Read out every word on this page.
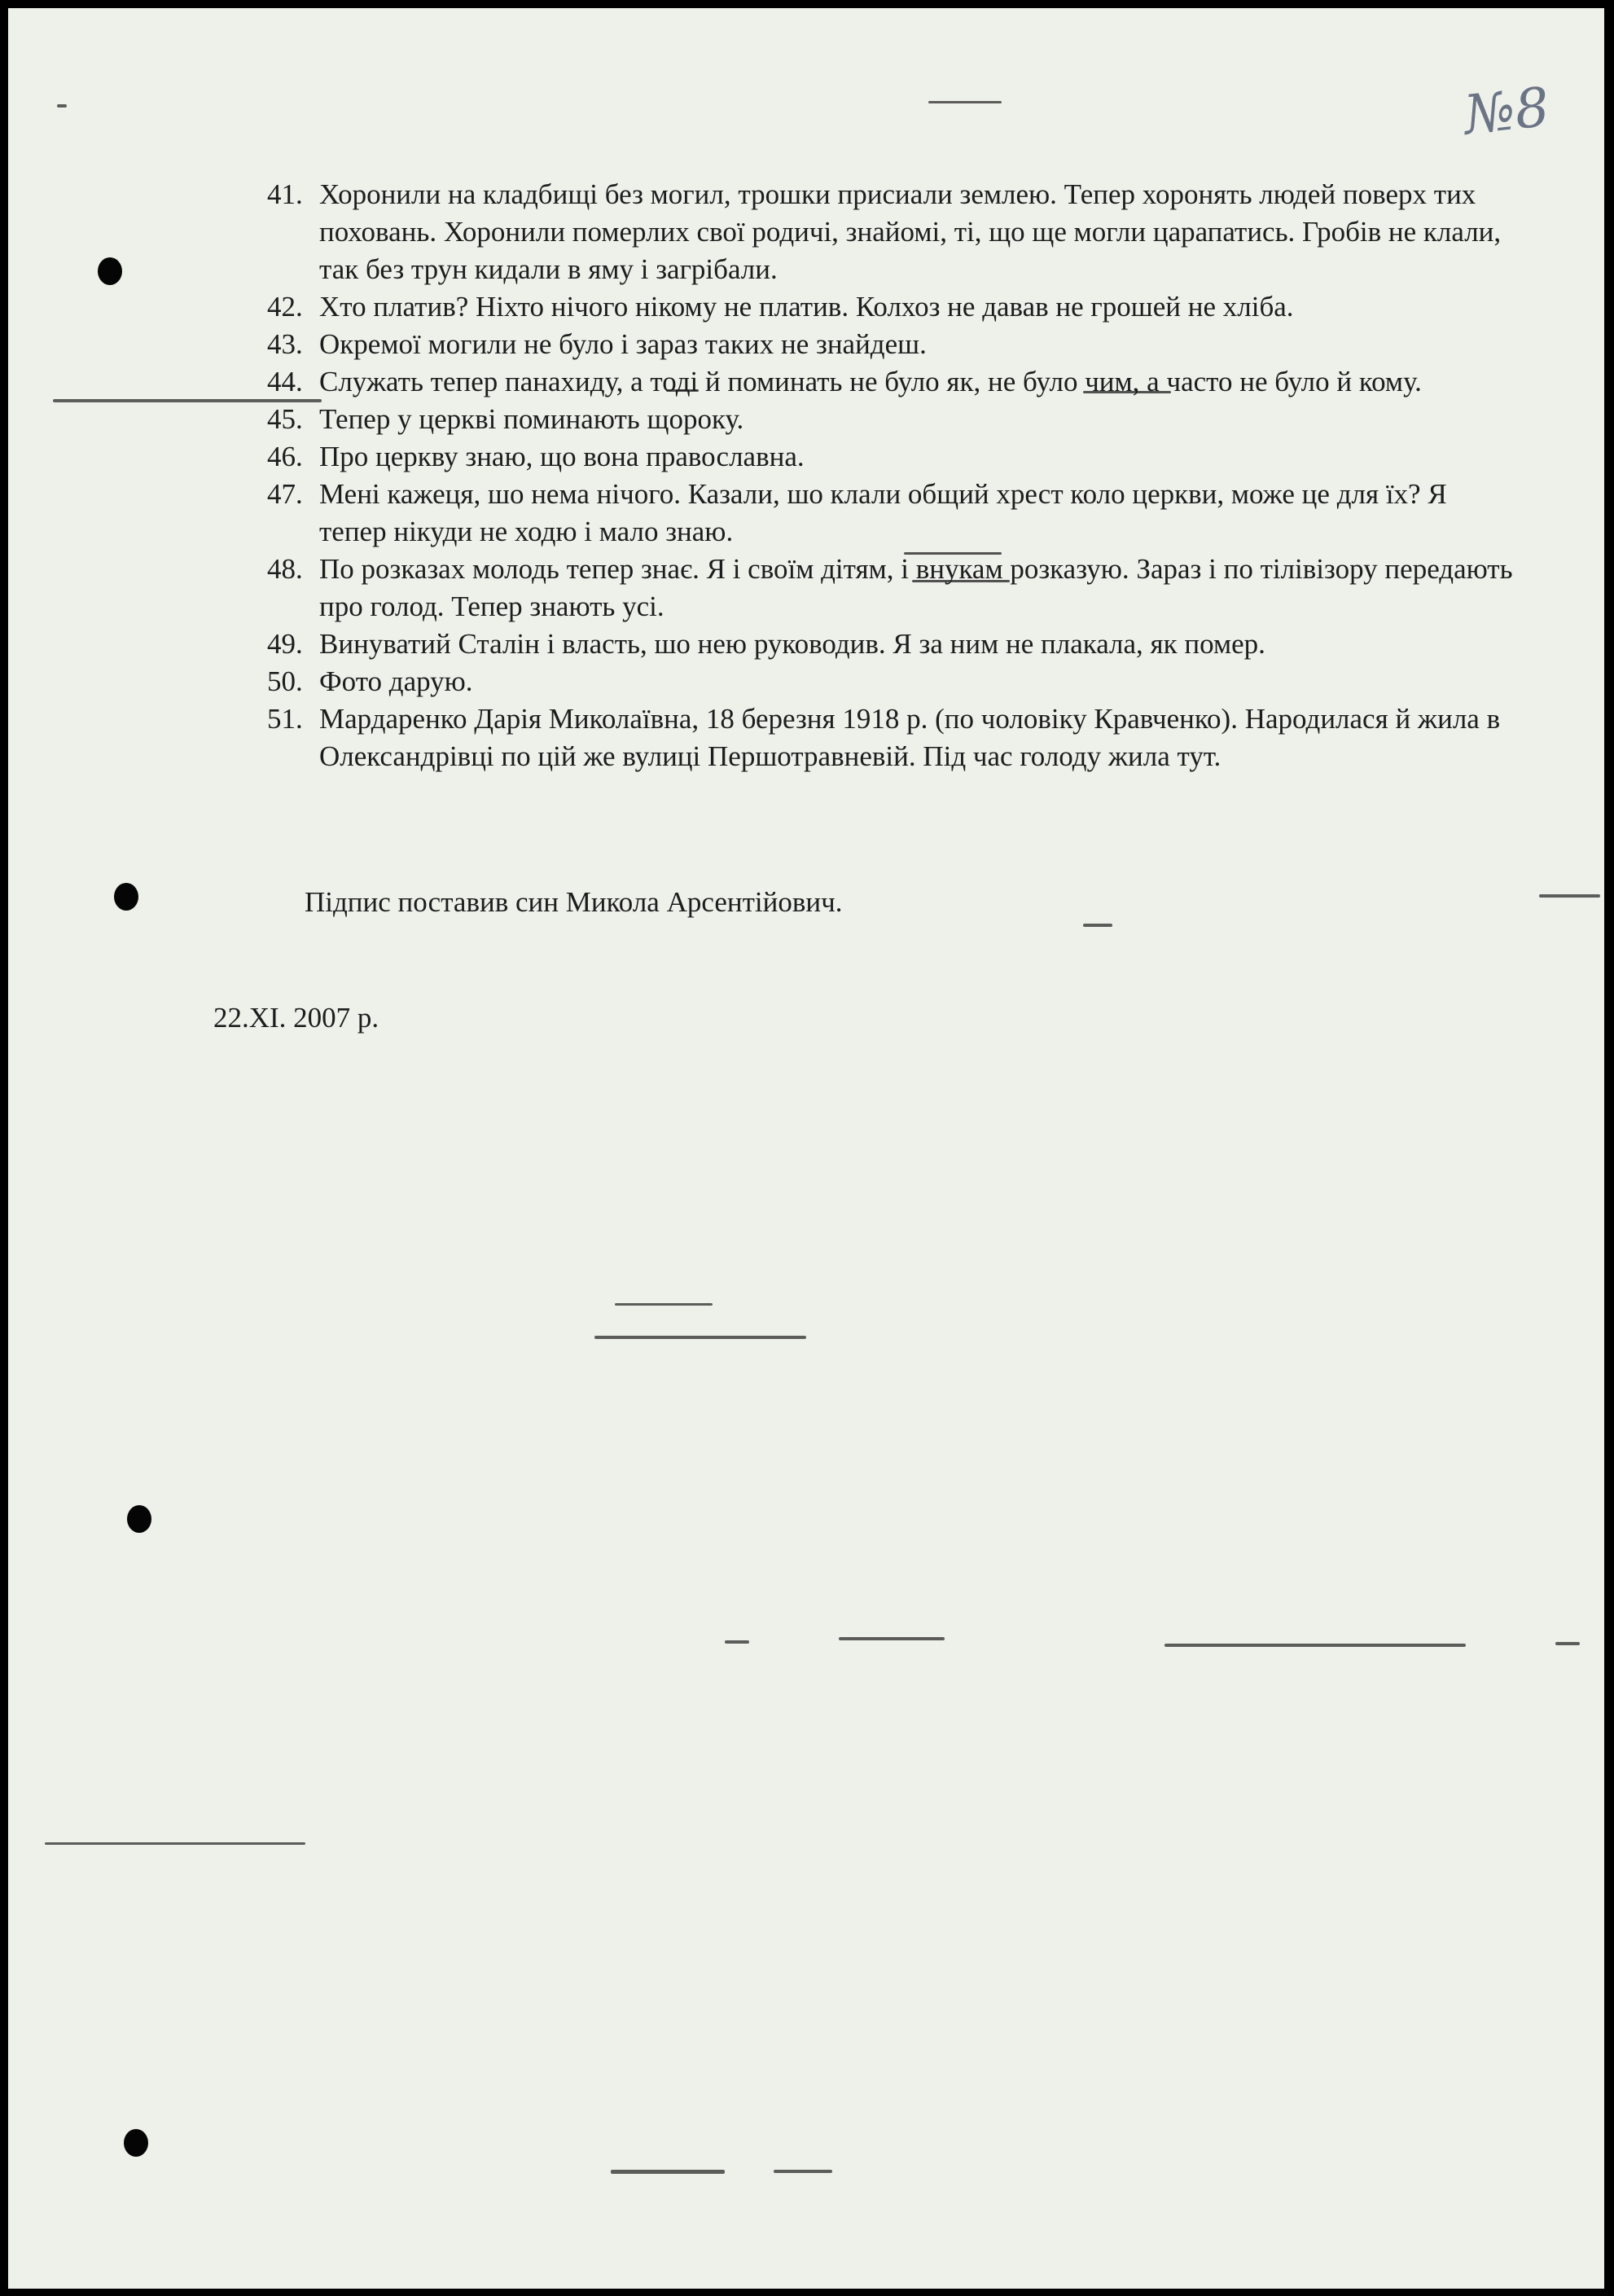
№8
41. Хоронили на кладбищі без могил, трошки присиали землею. Тепер хоронять людей поверх тих поховань. Хоронили померлих свої родичі, знайомі, ті, що ще могли царапатись. Гробів не клали, так без трун кидали в яму і загрібали.
42. Хто платив? Ніхто нічого нікому не платив. Колхоз не давав не грошей не хліба.
43. Окремої могили не було і зараз таких не знайдеш.
44. Служать тепер панахиду, а тоді й поминать не було як, не було чим, а часто не було й кому.
45. Тепер у церкві поминають щороку.
46. Про церкву знаю, що вона православна.
47. Мені кажеця, шо нема нічого. Казали, шо клали общий хрест коло церкви, може це для їх? Я тепер нікуди не ходю і мало знаю.
48. По розказах молодь тепер знає. Я і своїм дітям, і внукам розказую. Зараз і по тілівізору передають про голод. Тепер знають усі.
49. Винуватий Сталін і власть, шо нею руководив. Я за ним не плакала, як помер.
50. Фото дарую.
51. Мардаренко Дарія Миколаївна, 18 березня 1918 р. (по чоловіку Кравченко). Народилася й жила в Олександрівці по цій же вулиці Першотравневій. Під час голоду жила тут.
Підпис поставив син Микола Арсентійович.
22.XI. 2007 р.
